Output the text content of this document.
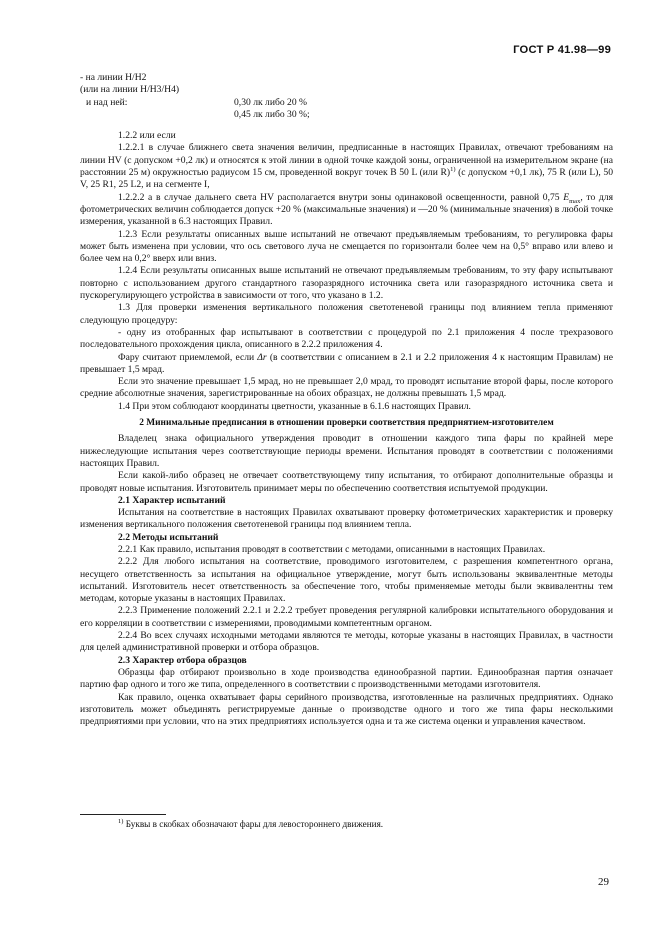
ГОСТ Р 41.98—99
- на линии H/H2
(или на линии H/H3/H4)
и над ней:	0,30 лк либо 20 %
0,45 лк либо 30 %;

1.2.2 или если

1.2.2.1 в случае ближнего света значения величин, предписанные в настоящих Правилах, отвечают требованиям на линии HV (с допуском +0,2 лк) и относятся к этой линии в одной точке каждой зоны, ограниченной на измерительном экране (на расстоянии 25 м) окружностью радиусом 15 см, проведенной вокруг точек B 50 L (или R)$^{1)}$ (с допуском +0,1 лк), 75 R (или L), 50 V, 25 R1, 25 L2, и на сегменте I,

1.2.2.2 а в случае дальнего света HV располагается внутри зоны одинаковой освещенности, равной 0,75 $E_{max}$, то для фотометрических величин соблюдается допуск +20 % (максимальные значения) и —20 % (минимальные значения) в любой точке измерения, указанной в 6.3 настоящих Правил.

1.2.3 Если результаты описанных выше испытаний не отвечают предъявляемым требованиям, то регулировка фары может быть изменена при условии, что ось светового луча не смещается по горизонтали более чем на 0,5° вправо или влево и более чем на 0,2° вверх или вниз.

1.2.4 Если результаты описанных выше испытаний не отвечают предъявляемым требованиям, то эту фару испытывают повторно с использованием другого стандартного газоразрядного источника света или газоразрядного источника света и пускорегулирующего устройства в зависимости от того, что указано в 1.2.

1.3 Для проверки изменения вертикального положения светотеневой границы под влиянием тепла применяют следующую процедуру:

- одну из отобранных фар испытывают в соответствии с процедурой по 2.1 приложения 4 после трехразового последовательного прохождения цикла, описанного в 2.2.2 приложения 4.

Фару считают приемлемой, если Δr (в соответствии с описанием в 2.1 и 2.2 приложения 4 к настоящим Правилам) не превышает 1,5 мрад.

Если это значение превышает 1,5 мрад, но не превышает 2,0 мрад, то проводят испытание второй фары, после которого средние абсолютные значения, зарегистрированные на обоих образцах, не должны превышать 1,5 мрад.

1.4 При этом соблюдают координаты цветности, указанные в 6.1.6 настоящих Правил.

2 Минимальные предписания в отношении проверки соответствия предприятием-изготовителем

Владелец знака официального утверждения проводит в отношении каждого типа фары по крайней мере нижеследующие испытания через соответствующие периоды времени. Испытания проводят в соответствии с положениями настоящих Правил.

Если какой-либо образец не отвечает соответствующему типу испытания, то отбирают дополнительные образцы и проводят новые испытания. Изготовитель принимает меры по обеспечению соответствия испытуемой продукции.

2.1 Характер испытаний

Испытания на соответствие в настоящих Правилах охватывают проверку фотометрических характеристик и проверку изменения вертикального положения светотеневой границы под влиянием тепла.

2.2 Методы испытаний

2.2.1 Как правило, испытания проводят в соответствии с методами, описанными в настоящих Правилах.

2.2.2 Для любого испытания на соответствие, проводимого изготовителем, с разрешения компетентного органа, несущего ответственность за испытания на официальное утверждение, могут быть использованы эквивалентные методы испытаний. Изготовитель несет ответственность за обеспечение того, чтобы применяемые методы были эквивалентны тем методам, которые указаны в настоящих Правилах.

2.2.3 Применение положений 2.2.1 и 2.2.2 требует проведения регулярной калибровки испытательного оборудования и его корреляции в соответствии с измерениями, проводимыми компетентным органом.

2.2.4 Во всех случаях исходными методами являются те методы, которые указаны в настоящих Правилах, в частности для целей административной проверки и отбора образцов.

2.3 Характер отбора образцов

Образцы фар отбирают произвольно в ходе производства единообразной партии. Единообразная партия означает партию фар одного и того же типа, определенного в соответствии с производственными методами изготовителя.

Как правило, оценка охватывает фары серийного производства, изготовленные на различных предприятиях. Однако изготовитель может объединять регистрируемые данные о производстве одного и того же типа фары несколькими предприятиями при условии, что на этих предприятиях используется одна и та же система оценки и управления качеством.

$^{1)}$ Буквы в скобках обозначают фары для левостороннего движения.
29
